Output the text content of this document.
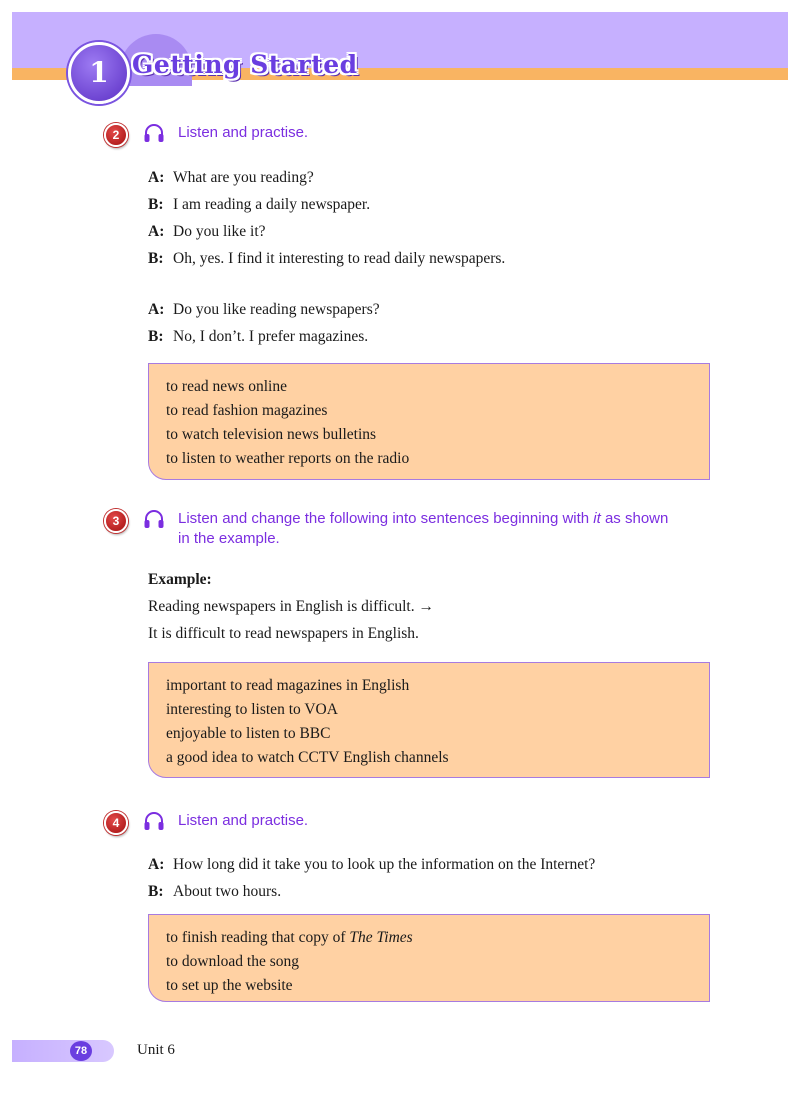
1 Getting Started
2	Listen and practise.

A: What are you reading?
B: I am reading a daily newspaper.
A: Do you like it?
B: Oh, yes. I find it interesting to read daily newspapers.
A: Do you like reading newspapers?
B: No, I don’t. I prefer magazines.
to read news online
to read fashion magazines
to watch television news bulletins
to listen to weather reports on the radio
3	Listen and change the following into sentences beginning with it as shown

in the example.

Example:

Reading newspapers in English is difficult. →

It is difficult to read newspapers in English.

important to read magazines in English
interesting to listen to VOA
enjoyable to listen to BBC
a good idea to watch CCTV English channels
4	Listen and practise.

A: How long did it take you to look up the information on the Internet?
B: About two hours.
to finish reading that copy of The Times
to download the song
to set up the website
78	Unit 6
